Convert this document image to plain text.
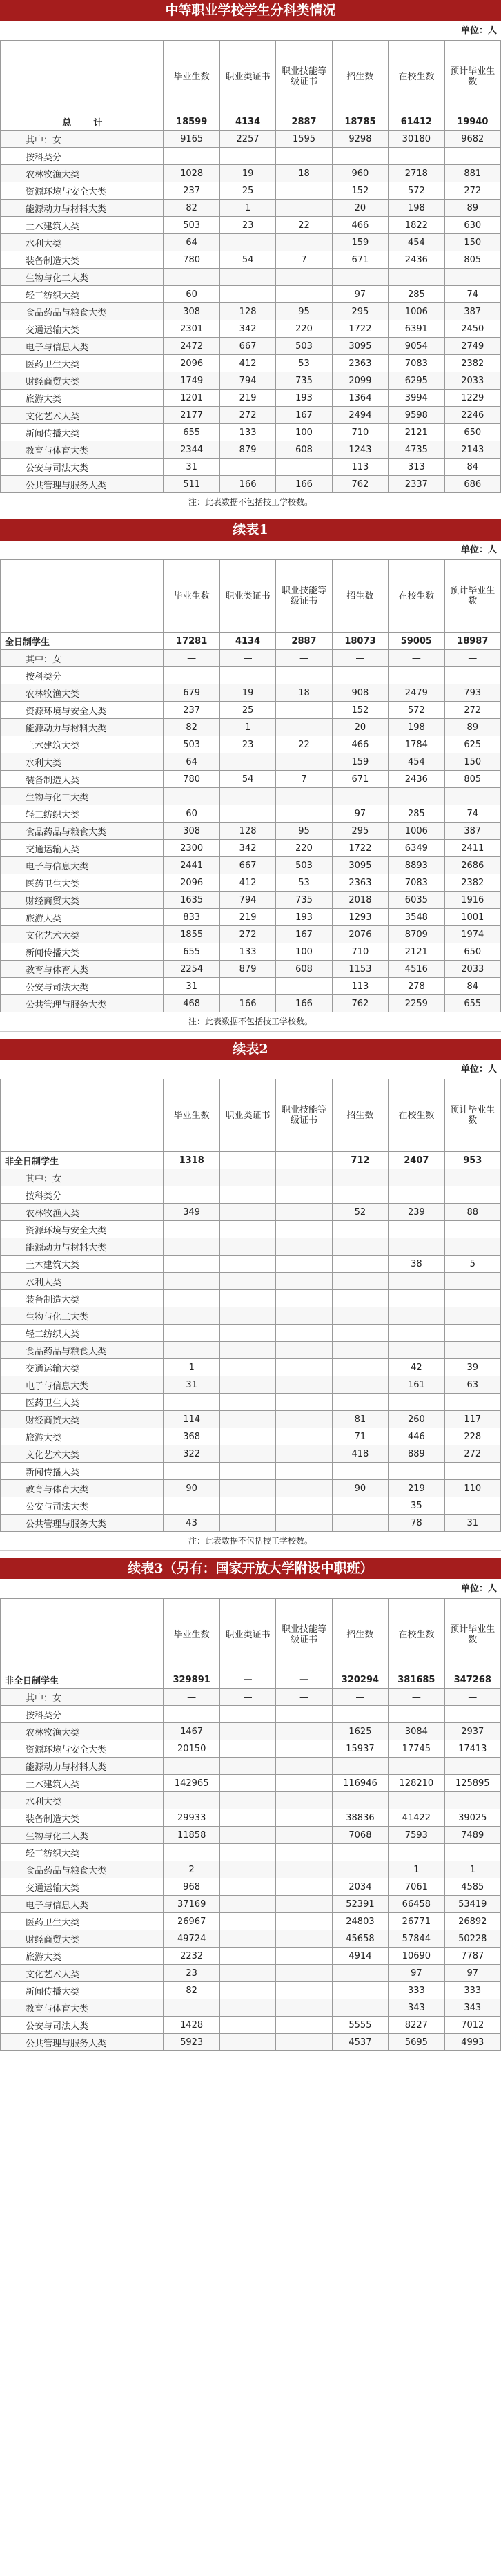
中等职业学校学生分科类情况
单位：人
	毕业生数	职业类证书	职业技能等级证书	招生数	在校生数	预计毕业生数
总　　计	18599	4134	2887	18785	61412	19940
其中：女	9165	2257	1595	9298	30180	9682
按科类分						
农林牧渔大类	1028	19	18	960	2718	881
资源环境与安全大类	237	25		152	572	272
能源动力与材料大类	82	1		20	198	89
土木建筑大类	503	23	22	466	1822	630
水利大类	64			159	454	150
装备制造大类	780	54	7	671	2436	805
生物与化工大类						
轻工纺织大类	60			97	285	74
食品药品与粮食大类	308	128	95	295	1006	387
交通运输大类	2301	342	220	1722	6391	2450
电子与信息大类	2472	667	503	3095	9054	2749
医药卫生大类	2096	412	53	2363	7083	2382
财经商贸大类	1749	794	735	2099	6295	2033
旅游大类	1201	219	193	1364	3994	1229
文化艺术大类	2177	272	167	2494	9598	2246
新闻传播大类	655	133	100	710	2121	650
教育与体育大类	2344	879	608	1243	4735	2143
公安与司法大类	31			113	313	84
公共管理与服务大类	511	166	166	762	2337	686
注：此表数据不包括技工学校数。
续表1
单位：人
	毕业生数	职业类证书	职业技能等级证书	招生数	在校生数	预计毕业生数
全日制学生	17281	4134	2887	18073	59005	18987
其中：女	—	—	—	—	—	—
按科类分						
农林牧渔大类	679	19	18	908	2479	793
资源环境与安全大类	237	25		152	572	272
能源动力与材料大类	82	1		20	198	89
土木建筑大类	503	23	22	466	1784	625
水利大类	64			159	454	150
装备制造大类	780	54	7	671	2436	805
生物与化工大类						
轻工纺织大类	60			97	285	74
食品药品与粮食大类	308	128	95	295	1006	387
交通运输大类	2300	342	220	1722	6349	2411
电子与信息大类	2441	667	503	3095	8893	2686
医药卫生大类	2096	412	53	2363	7083	2382
财经商贸大类	1635	794	735	2018	6035	1916
旅游大类	833	219	193	1293	3548	1001
文化艺术大类	1855	272	167	2076	8709	1974
新闻传播大类	655	133	100	710	2121	650
教育与体育大类	2254	879	608	1153	4516	2033
公安与司法大类	31			113	278	84
公共管理与服务大类	468	166	166	762	2259	655
注：此表数据不包括技工学校数。
续表2
单位：人
	毕业生数	职业类证书	职业技能等级证书	招生数	在校生数	预计毕业生数
非全日制学生	1318			712	2407	953
其中：女	—	—	—	—	—	—
按科类分						
农林牧渔大类	349			52	239	88
资源环境与安全大类						
能源动力与材料大类						
土木建筑大类					38	5
水利大类						
装备制造大类						
生物与化工大类						
轻工纺织大类						
食品药品与粮食大类						
交通运输大类	1				42	39
电子与信息大类	31				161	63
医药卫生大类						
财经商贸大类	114			81	260	117
旅游大类	368			71	446	228
文化艺术大类	322			418	889	272
新闻传播大类						
教育与体育大类	90			90	219	110
公安与司法大类					35	
公共管理与服务大类	43				78	31
注：此表数据不包括技工学校数。
续表3（另有：国家开放大学附设中职班）
单位：人
	毕业生数	职业类证书	职业技能等级证书	招生数	在校生数	预计毕业生数
非全日制学生	329891	—	—	320294	381685	347268
其中：女	—	—	—	—	—	—
按科类分						
农林牧渔大类	1467			1625	3084	2937
资源环境与安全大类	20150			15937	17745	17413
能源动力与材料大类						
土木建筑大类	142965			116946	128210	125895
水利大类						
装备制造大类	29933			38836	41422	39025
生物与化工大类	11858			7068	7593	7489
轻工纺织大类						
食品药品与粮食大类	2				1	1
交通运输大类	968			2034	7061	4585
电子与信息大类	37169			52391	66458	53419
医药卫生大类	26967			24803	26771	26892
财经商贸大类	49724			45658	57844	50228
旅游大类	2232			4914	10690	7787
文化艺术大类	23				97	97
新闻传播大类	82				333	333
教育与体育大类					343	343
公安与司法大类	1428			5555	8227	7012
公共管理与服务大类	5923			4537	5695	4993
